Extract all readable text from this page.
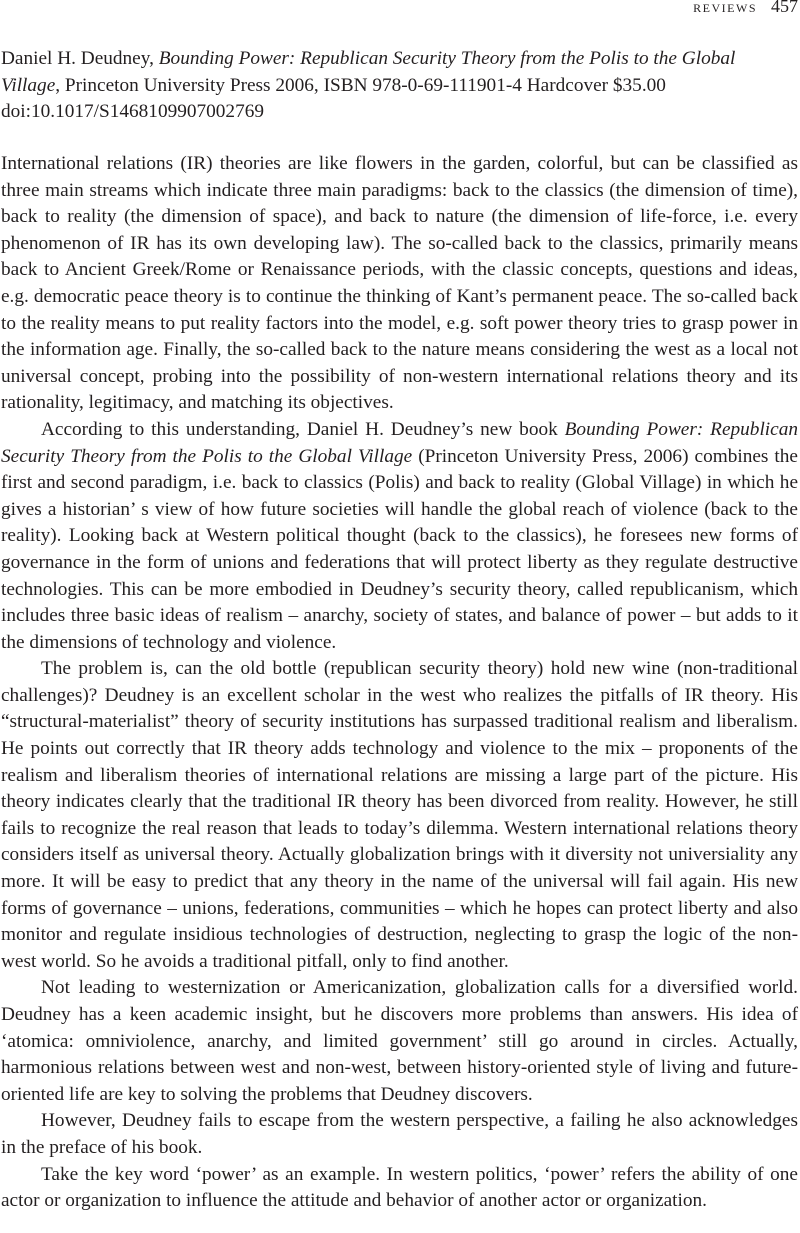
reviews 457
Daniel H. Deudney, Bounding Power: Republican Security Theory from the Polis to the Global Village, Princeton University Press 2006, ISBN 978-0-69-111901-4 Hardcover $35.00
doi:10.1017/S1468109907002769

International relations (IR) theories are like flowers in the garden, colorful, but can be classified as three main streams which indicate three main paradigms: back to the classics (the dimension of time), back to reality (the dimension of space), and back to nature (the dimension of life-force, i.e. every phenomenon of IR has its own developing law). The so-called back to the classics, primarily means back to Ancient Greek/Rome or Renaissance periods, with the classic concepts, questions and ideas, e.g. democratic peace theory is to continue the thinking of Kant’s permanent peace. The so-called back to the reality means to put reality factors into the model, e.g. soft power theory tries to grasp power in the information age. Finally, the so-called back to the nature means considering the west as a local not universal concept, probing into the possibility of non-western international relations theory and its rationality, legitimacy, and matching its objectives.

According to this understanding, Daniel H. Deudney’s new book Bounding Power: Republican Security Theory from the Polis to the Global Village (Princeton University Press, 2006) combines the first and second paradigm, i.e. back to classics (Polis) and back to reality (Global Village) in which he gives a historian’ s view of how future societies will handle the global reach of violence (back to the reality). Looking back at Western political thought (back to the classics), he foresees new forms of governance in the form of unions and federations that will protect liberty as they regulate destructive technologies. This can be more embodied in Deudney’s security theory, called republicanism, which includes three basic ideas of realism – anarchy, society of states, and balance of power – but adds to it the dimensions of technology and violence.

The problem is, can the old bottle (republican security theory) hold new wine (non-traditional challenges)? Deudney is an excellent scholar in the west who realizes the pitfalls of IR theory. His “structural-materialist” theory of security institutions has surpassed traditional realism and liberalism. He points out correctly that IR theory adds technology and violence to the mix – proponents of the realism and liberalism theories of international relations are missing a large part of the picture. His theory indicates clearly that the traditional IR theory has been divorced from reality. However, he still fails to recognize the real reason that leads to today’s dilemma. Western international relations theory considers itself as universal theory. Actually globalization brings with it diversity not universiality any more. It will be easy to predict that any theory in the name of the universal will fail again. His new forms of governance – unions, federations, communities – which he hopes can protect liberty and also monitor and regulate insidious technologies of destruction, neglecting to grasp the logic of the non-west world. So he avoids a traditional pitfall, only to find another.

Not leading to westernization or Americanization, globalization calls for a diversified world. Deudney has a keen academic insight, but he discovers more problems than answers. His idea of ‘atomica: omniviolence, anarchy, and limited government’ still go around in circles. Actually, harmonious relations between west and non-west, between history-oriented style of living and future-oriented life are key to solving the problems that Deudney discovers.

However, Deudney fails to escape from the western perspective, a failing he also acknowledges in the preface of his book.

Take the key word ‘power’ as an example. In western politics, ‘power’ refers the ability of one actor or organization to influence the attitude and behavior of another actor or organization.
